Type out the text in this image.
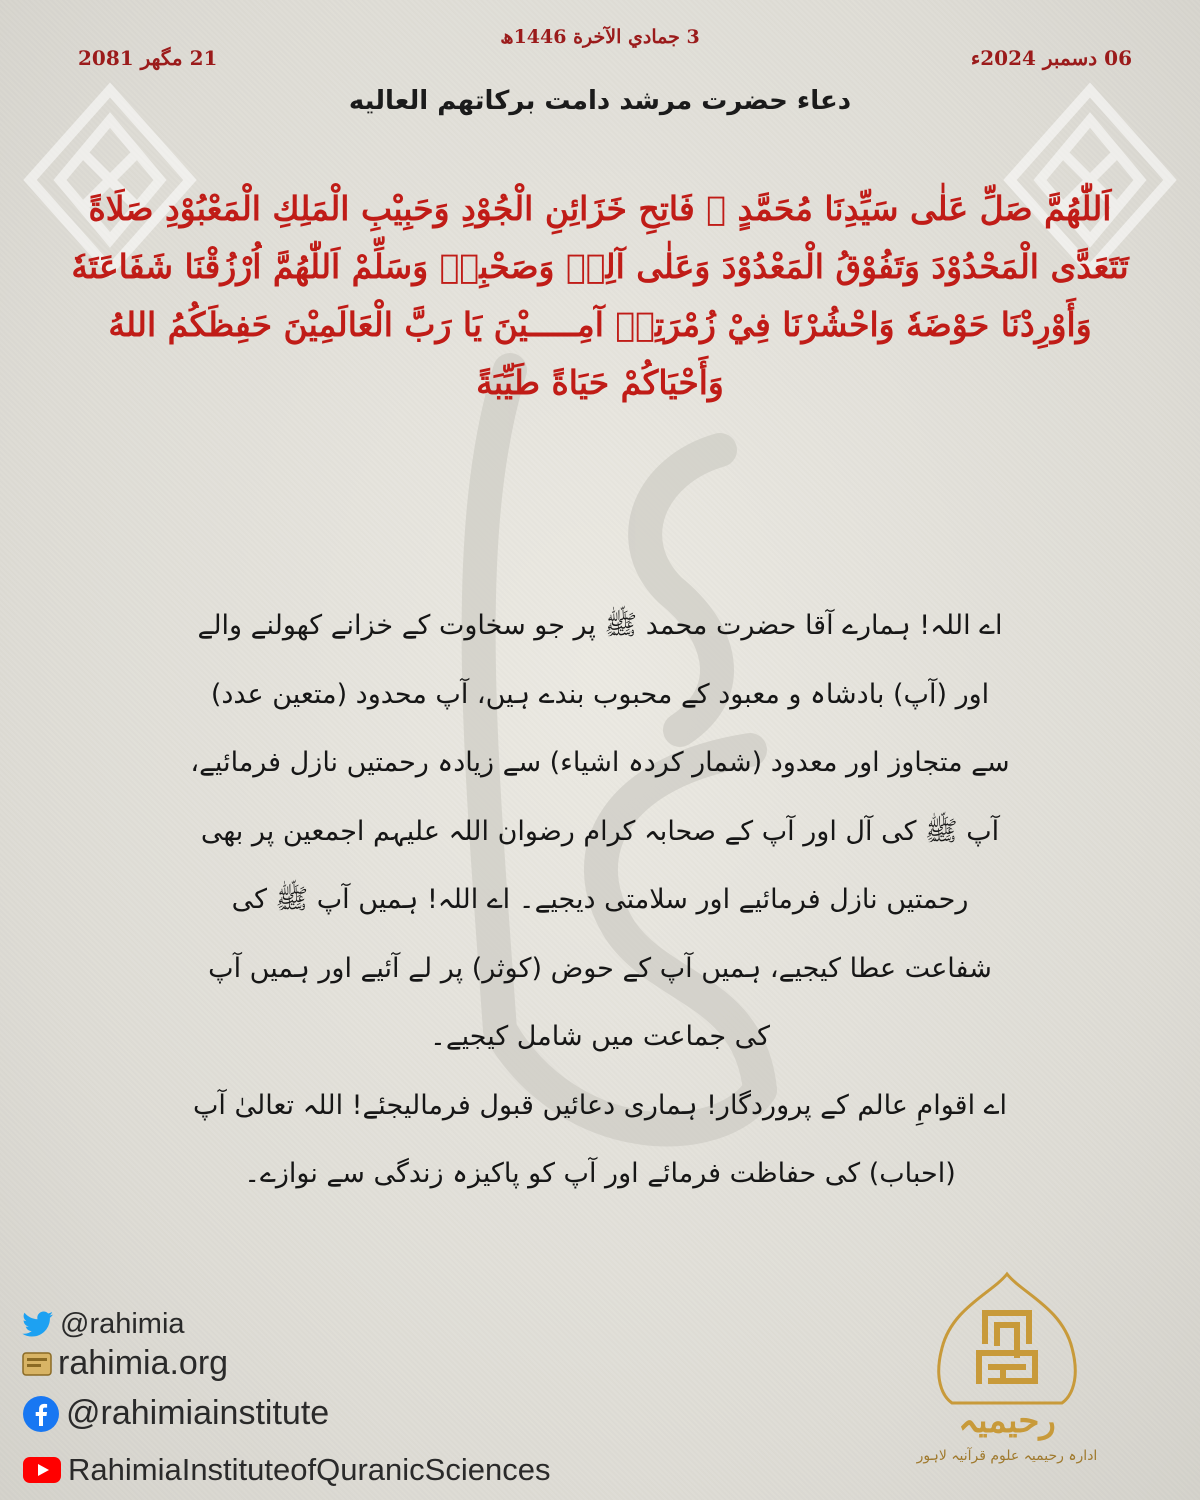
3 جمادي الآخرة 1446ھ
06 دسمبر 2024ء
21 مگھر 2081
دعاء حضرت مرشد دامت برکاتهم العالیه
اَللّٰهُمَّ صَلِّ عَلٰى سَيِّدِنَا مُحَمَّدٍ ﷺ فَاتِحِ خَزَائِنِ الْجُوْدِ وَحَبِيْبِ الْمَلِكِ الْمَعْبُوْدِ صَلَاةً تَتَعَدَّى الْمَحْدُوْدَ وَتَفُوْقُ الْمَعْدُوْدَ وَعَلٰى آلِهٖ وَصَحْبِهٖ وَسَلِّمْ اَللّٰهُمَّ اُرْزُقْنَا شَفَاعَتَهٗ وَأَوْرِدْنَا حَوْضَهٗ وَاحْشُرْنَا فِيْ زُمْرَتِهٖ آمِـــــيْنَ يَا رَبَّ الْعَالَمِيْنَ حَفِظَكُمُ اللهُ وَأَحْيَاكُمْ حَيَاةً طَيِّبَةً
اے اللہ! ہمارے آقا حضرت محمد ﷺ پر جو سخاوت کے خزانے کھولنے والے اور (آپ) بادشاہ و معبود کے محبوب بندے ہیں، آپ محدود (متعین عدد) سے متجاوز اور معدود (شمار کردہ اشیاء) سے زیادہ رحمتیں نازل فرمائیے، آپ ﷺ کی آل اور آپ کے صحابہ کرام رضوان اللہ علیہم اجمعین پر بھی رحمتیں نازل فرمائیے اور سلامتی دیجیے۔ اے اللہ! ہمیں آپ ﷺ کی شفاعت عطا کیجیے، ہمیں آپ کے حوض (کوثر) پر لے آئیے اور ہمیں آپ کی جماعت میں شامل کیجیے۔
اے اقوامِ عالم کے پروردگار! ہماری دعائیں قبول فرمالیجئے! اللہ تعالیٰ آپ (احباب) کی حفاظت فرمائے اور آپ کو پاکیزہ زندگی سے نوازے۔
@rahimia
rahimia.org
@rahimiainstitute
RahimiaInstituteofQuranicSciences
رحیمیہ
ادارہ رحیمیہ علوم قرآنیہ لاہور
